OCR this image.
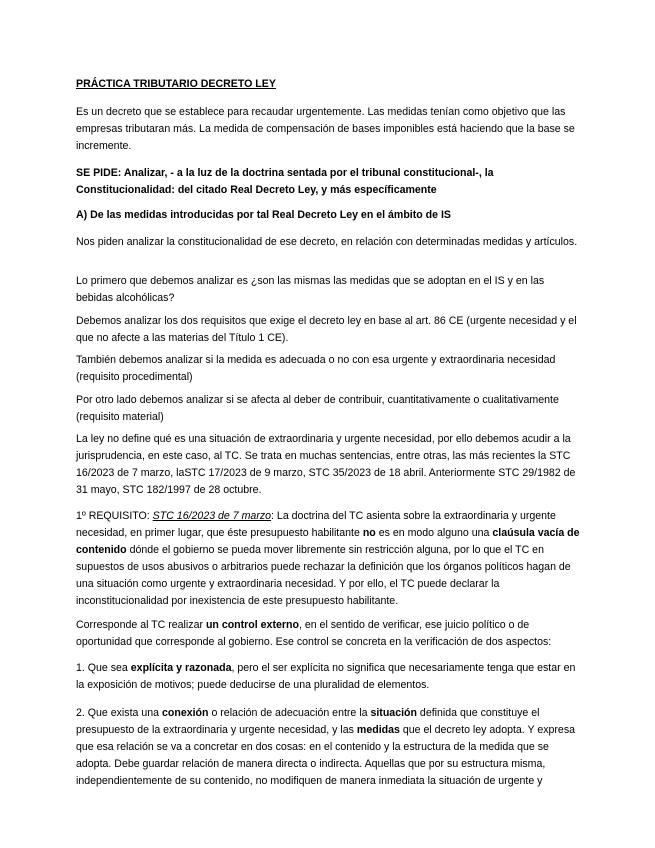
PRÁCTICA TRIBUTARIO DECRETO LEY
Es un decreto que se establece para recaudar urgentemente. Las medidas tenían como objetivo que las empresas tributaran más. La medida de compensación de bases imponibles está haciendo que la base se incremente.
SE PIDE: Analizar, - a la luz de la doctrina sentada por el tribunal constitucional-, la Constitucionalidad: del citado Real Decreto Ley, y más específicamente
A) De las medidas introducidas por tal Real Decreto Ley en el ámbito de IS
Nos piden analizar la constitucionalidad de ese decreto, en relación con determinadas medidas y artículos.
Lo primero que debemos analizar es ¿son las mismas las medidas que se adoptan en el IS y en las bebidas alcohólicas?
Debemos analizar los dos requisitos que exige el decreto ley en base al art. 86 CE (urgente necesidad y el que no afecte a las materias del Título 1 CE).
También debemos analizar si la medida es adecuada o no con esa urgente y extraordinaria necesidad (requisito procedimental)
Por otro lado debemos analizar si se afecta al deber de contribuir, cuantitativamente o cualitativamente (requisito material)
La ley no define qué es una situación de extraordinaria y urgente necesidad, por ello debemos acudir a la jurisprudencia, en este caso, al TC. Se trata en muchas sentencias, entre otras, las más recientes la STC 16/2023 de 7 marzo, laSTC 17/2023 de 9 marzo, STC 35/2023 de 18 abril. Anteriormente STC 29/1982 de 31 mayo, STC 182/1997 de 28 octubre.
1º REQUISITO: STC 16/2023 de 7 marzo: La doctrina del TC asienta sobre la extraordinaria y urgente necesidad, en primer lugar, que éste presupuesto habilitante no es en modo alguno una claúsula vacía de contenido dónde el gobierno se pueda mover libremente sin restricción alguna, por lo que el TC en supuestos de usos abusivos o arbitrarios puede rechazar la definición que los órganos políticos hagan de una situación como urgente y extraordinaria necesidad. Y por ello, el TC puede declarar la inconstitucionalidad por inexistencia de este presupuesto habilitante.
Corresponde al TC realizar un control externo, en el sentido de verificar, ese juicio político o de oportunidad que corresponde al gobierno. Ese control se concreta en la verificación de dos aspectos:
1. Que sea explícita y razonada, pero el ser explícita no significa que necesariamente tenga que estar en la exposición de motivos; puede deducirse de una pluralidad de elementos.
2. Que exista una conexión o relación de adecuación entre la situación definida que constituye el presupuesto de la extraordinaria y urgente necesidad, y las medidas que el decreto ley adopta. Y expresa que esa relación se va a concretar en dos cosas: en el contenido y la estructura de la medida que se adopta. Debe guardar relación de manera directa o indirecta. Aquellas que por su estructura misma, independientemente de su contenido, no modifiquen de manera inmediata la situación de urgente y
